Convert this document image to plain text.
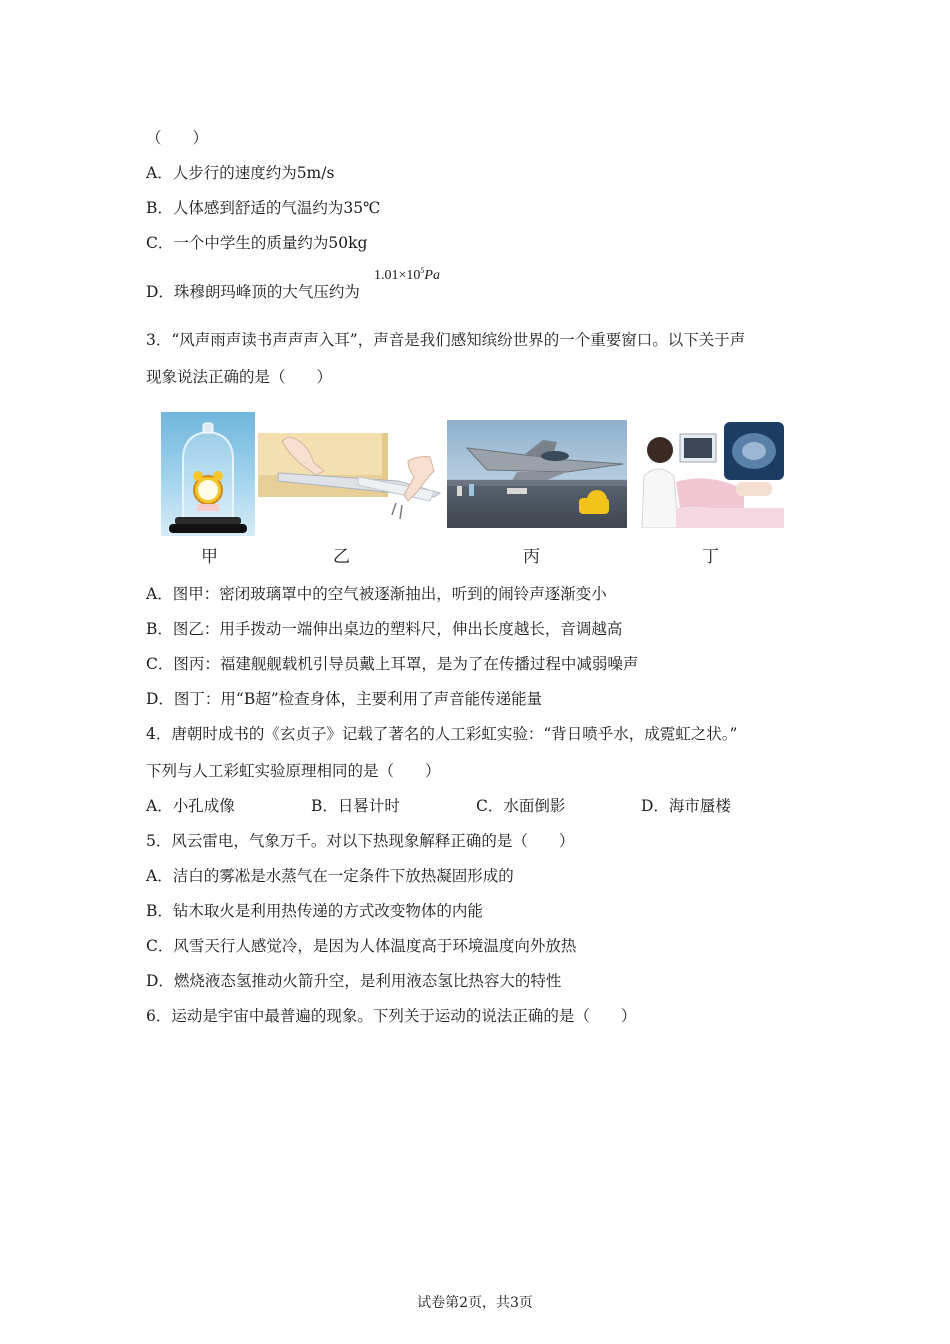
（　　）
A．人步行的速度约为5m/s
B．人体感到舒适的气温约为35℃
C．一个中学生的质量约为50kg
D．珠穆朗玛峰顶的大气压约为
$1.01\times 10^5Pa$
3．“风声雨声读书声声声入耳”，声音是我们感知缤纷世界的一个重要窗口。以下关于声
现象说法正确的是（　　）
甲	乙	丙	丁
A．图甲：密闭玻璃罩中的空气被逐渐抽出，听到的闹铃声逐渐变小
B．图乙：用手拨动一端伸出桌边的塑料尺，伸出长度越长，音调越高
C．图丙：福建舰舰载机引导员戴上耳罩，是为了在传播过程中减弱噪声
D．图丁：用“B超”检查身体，主要利用了声音能传递能量
4．唐朝时成书的《玄贞子》记载了著名的人工彩虹实验：“背日喷乎水，成霓虹之状。”
下列与人工彩虹实验原理相同的是（　　）
A．小孔成像	B．日晷计时	C．水面倒影	D．海市蜃楼
5．风云雷电，气象万千。对以下热现象解释正确的是（　　）
A．洁白的雾凇是水蒸气在一定条件下放热凝固形成的
B．钻木取火是利用热传递的方式改变物体的内能
C．风雪天行人感觉冷，是因为人体温度高于环境温度向外放热
D．燃烧液态氢推动火箭升空，是利用液态氢比热容大的特性
6．运动是宇宙中最普遍的现象。下列关于运动的说法正确的是（　　）
试卷第2页，共3页
